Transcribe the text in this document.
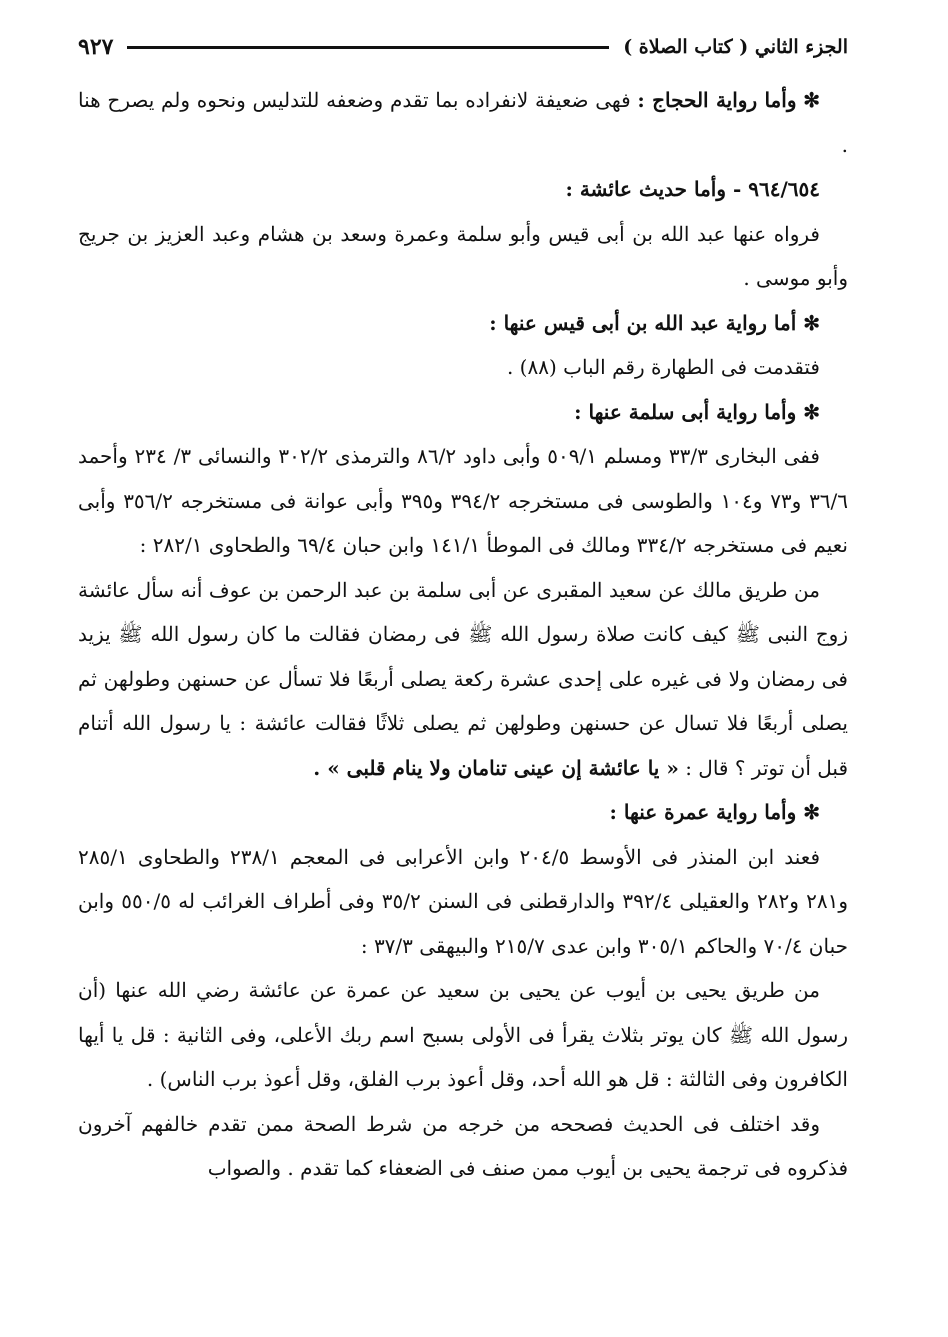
الجزء الثاني ( كتاب الصلاة )
٩٢٧

✻ وأما رواية الحجاج : فهى ضعيفة لانفراده بما تقدم وضعفه للتدليس ونحوه ولم يصرح هنا .

٩٦٤/٦٥٤ - وأما حديث عائشة :

فرواه عنها عبد الله بن أبى قيس وأبو سلمة وعمرة وسعد بن هشام وعبد العزيز بن جريج وأبو موسى .

✻ أما رواية عبد الله بن أبى قيس عنها :

فتقدمت فى الطهارة رقم الباب (٨٨) .

✻ وأما رواية أبى سلمة عنها :

ففى البخارى ٣٣/٣ ومسلم ٥٠٩/١ وأبى داود ٨٦/٢ والترمذى ٣٠٢/٢ والنسائى ٣/ ٢٣٤ وأحمد ٣٦/٦ و٧٣ و١٠٤ والطوسى فى مستخرجه ٣٩٤/٢ و٣٩٥ وأبى عوانة فى مستخرجه ٣٥٦/٢ وأبى نعيم فى مستخرجه ٣٣٤/٢ ومالك فى الموطأ ١٤١/١ وابن حبان ٦٩/٤ والطحاوى ٢٨٢/١ :

من طريق مالك عن سعيد المقبرى عن أبى سلمة بن عبد الرحمن بن عوف أنه سأل عائشة زوج النبى ﷺ كيف كانت صلاة رسول الله ﷺ فى رمضان فقالت ما كان رسول الله ﷺ يزيد فى رمضان ولا فى غيره على إحدى عشرة ركعة يصلى أربعًا فلا تسأل عن حسنهن وطولهن ثم يصلى أربعًا فلا تسال عن حسنهن وطولهن ثم يصلى ثلاثًا فقالت عائشة : يا رسول الله أتنام قبل أن توتر ؟ قال : « يا عائشة إن عينى تنامان ولا ينام قلبى » .

✻ وأما رواية عمرة عنها :

فعند ابن المنذر فى الأوسط ٢٠٤/٥ وابن الأعرابى فى المعجم ٢٣٨/١ والطحاوى ٢٨٥/١ و٢٨١ و٢٨٢ والعقيلى ٣٩٢/٤ والدارقطنى فى السنن ٣٥/٢ وفى أطراف الغرائب له ٥٥٠/٥ وابن حبان ٧٠/٤ والحاكم ٣٠٥/١ وابن عدى ٢١٥/٧ والبيهقى ٣٧/٣ :

من طريق يحيى بن أيوب عن يحيى بن سعيد عن عمرة عن عائشة رضي الله عنها (أن رسول الله ﷺ كان يوتر بثلاث يقرأ فى الأولى بسبح اسم ربك الأعلى، وفى الثانية : قل يا أيها الكافرون وفى الثالثة : قل هو الله أحد، وقل أعوذ برب الفلق، وقل أعوذ برب الناس) .

وقد اختلف فى الحديث فصححه من خرجه من شرط الصحة ممن تقدم خالفهم آخرون فذكروه فى ترجمة يحيى بن أيوب ممن صنف فى الضعفاء كما تقدم . والصواب
